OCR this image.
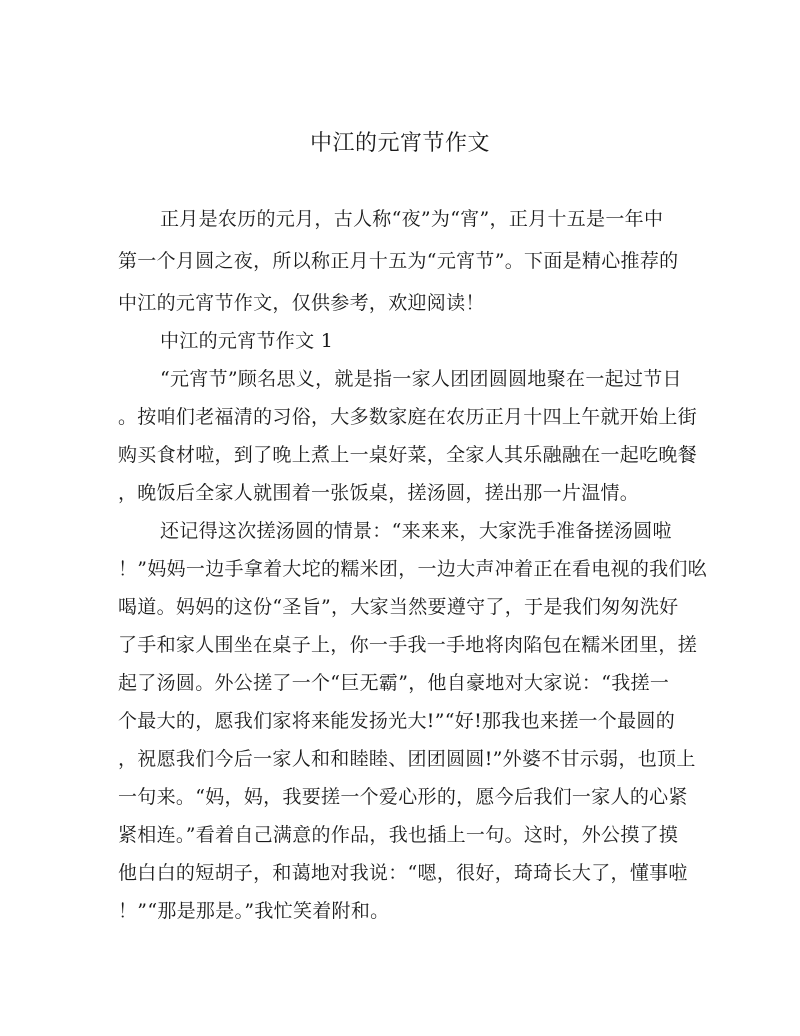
中江的元宵节作文
正月是农历的元月，古人称“夜”为“宵”，正月十五是一年中
第一个月圆之夜，所以称正月十五为“元宵节”。下面是精心推荐的
中江的元宵节作文，仅供参考，欢迎阅读！
中江的元宵节作文 1
“元宵节”顾名思义，就是指一家人团团圆圆地聚在一起过节日
。按咱们老福清的习俗，大多数家庭在农历正月十四上午就开始上街
购买食材啦，到了晚上煮上一桌好菜，全家人其乐融融在一起吃晚餐
，晚饭后全家人就围着一张饭桌，搓汤圆，搓出那一片温情。
还记得这次搓汤圆的情景：“来来来，大家洗手准备搓汤圆啦
！”妈妈一边手拿着大坨的糯米团，一边大声冲着正在看电视的我们吆
喝道。妈妈的这份“圣旨”，大家当然要遵守了，于是我们匆匆洗好
了手和家人围坐在桌子上，你一手我一手地将肉陷包在糯米团里，搓
起了汤圆。外公搓了一个“巨无霸”，他自豪地对大家说：“我搓一
个最大的，愿我们家将来能发扬光大!”“好!那我也来搓一个最圆的
，祝愿我们今后一家人和和睦睦、团团圆圆!”外婆不甘示弱，也顶上
一句来。“妈，妈，我要搓一个爱心形的，愿今后我们一家人的心紧
紧相连。”看着自己满意的作品，我也插上一句。这时，外公摸了摸
他白白的短胡子，和蔼地对我说：“嗯，很好，琦琦长大了，懂事啦
！”“那是那是。”我忙笑着附和。
